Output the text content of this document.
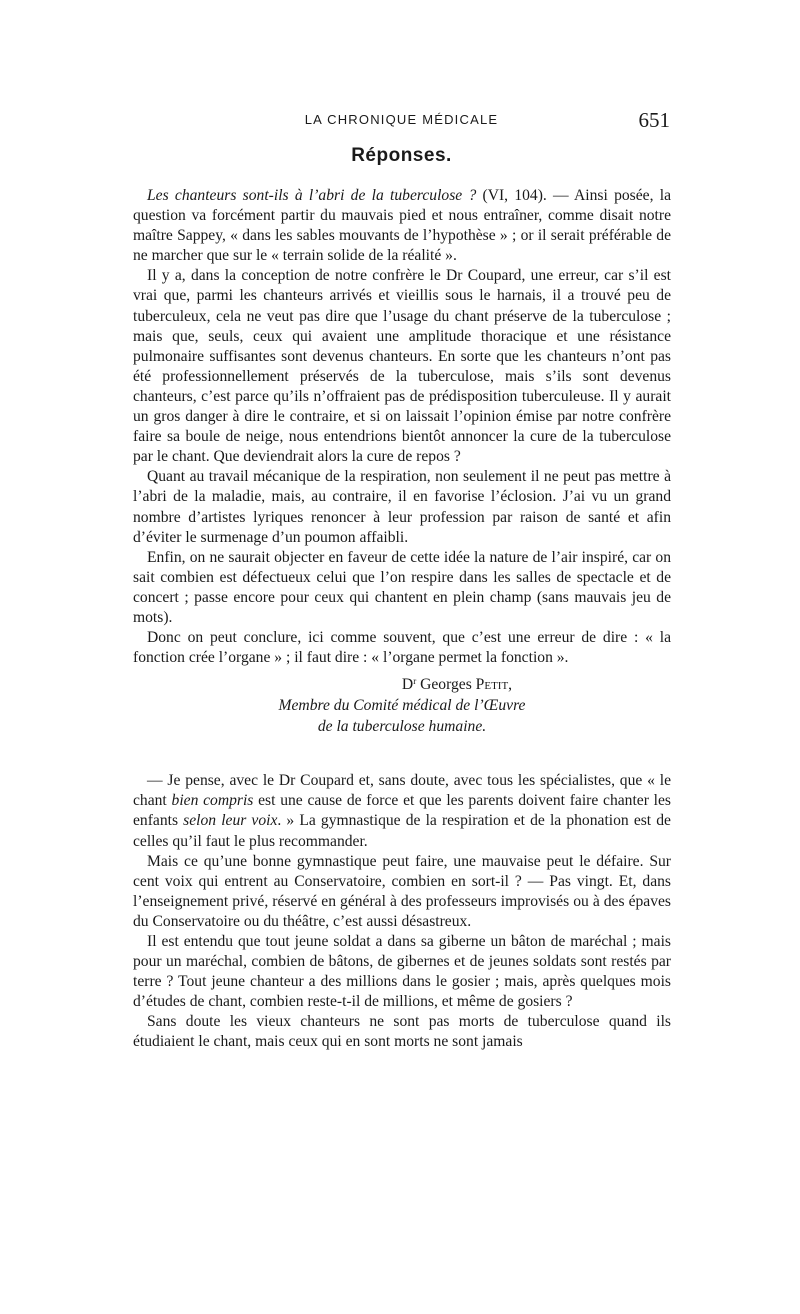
LA CHRONIQUE MÉDICALE	651
Réponses.

Les chanteurs sont-ils à l’abri de la tuberculose ? (VI, 104). — Ainsi posée, la question va forcément partir du mauvais pied et nous entraîner, comme disait notre maître Sappey, « dans les sables mouvants de l’hypothèse » ; or il serait préférable de ne marcher que sur le « terrain solide de la réalité ».

Il y a, dans la conception de notre confrère le Dr Coupard, une erreur, car s’il est vrai que, parmi les chanteurs arrivés et vieillis sous le harnais, il a trouvé peu de tuberculeux, cela ne veut pas dire que l’usage du chant préserve de la tuberculose ; mais que, seuls, ceux qui avaient une amplitude thoracique et une résistance pulmonaire suffisantes sont devenus chanteurs. En sorte que les chanteurs n’ont pas été professionnellement préservés de la tuberculose, mais s’ils sont devenus chanteurs, c’est parce qu’ils n’offraient pas de prédisposition tuberculeuse. Il y aurait un gros danger à dire le contraire, et si on laissait l’opinion émise par notre confrère faire sa boule de neige, nous entendrions bientôt annoncer la cure de la tuberculose par le chant. Que deviendrait alors la cure de repos ?

Quant au travail mécanique de la respiration, non seulement il ne peut pas mettre à l’abri de la maladie, mais, au contraire, il en favorise l’éclosion. J’ai vu un grand nombre d’artistes lyriques renoncer à leur profession par raison de santé et afin d’éviter le surmenage d’un poumon affaibli.

Enfin, on ne saurait objecter en faveur de cette idée la nature de l’air inspiré, car on sait combien est défectueux celui que l’on respire dans les salles de spectacle et de concert ; passe encore pour ceux qui chantent en plein champ (sans mauvais jeu de mots).

Donc on peut conclure, ici comme souvent, que c’est une erreur de dire : « la fonction crée l’organe » ; il faut dire : « l’organe permet la fonction ».

$D^r$ Georges Petit,
Membre du Comité médical de l’Œuvre
de la tuberculose humaine.

— Je pense, avec le Dr Coupard et, sans doute, avec tous les spécialistes, que « le chant bien compris est une cause de force et que les parents doivent faire chanter les enfants selon leur voix. » La gymnastique de la respiration et de la phonation est de celles qu’il faut le plus recommander.

Mais ce qu’une bonne gymnastique peut faire, une mauvaise peut le défaire. Sur cent voix qui entrent au Conservatoire, combien en sort-il ? — Pas vingt. Et, dans l’enseignement privé, réservé en général à des professeurs improvisés ou à des épaves du Conservatoire ou du théâtre, c’est aussi désastreux.

Il est entendu que tout jeune soldat a dans sa giberne un bâton de maréchal ; mais pour un maréchal, combien de bâtons, de gibernes et de jeunes soldats sont restés par terre ? Tout jeune chanteur a des millions dans le gosier ; mais, après quelques mois d’études de chant, combien reste-t-il de millions, et même de gosiers ?

Sans doute les vieux chanteurs ne sont pas morts de tuberculose quand ils étudiaient le chant, mais ceux qui en sont morts ne sont jamais
